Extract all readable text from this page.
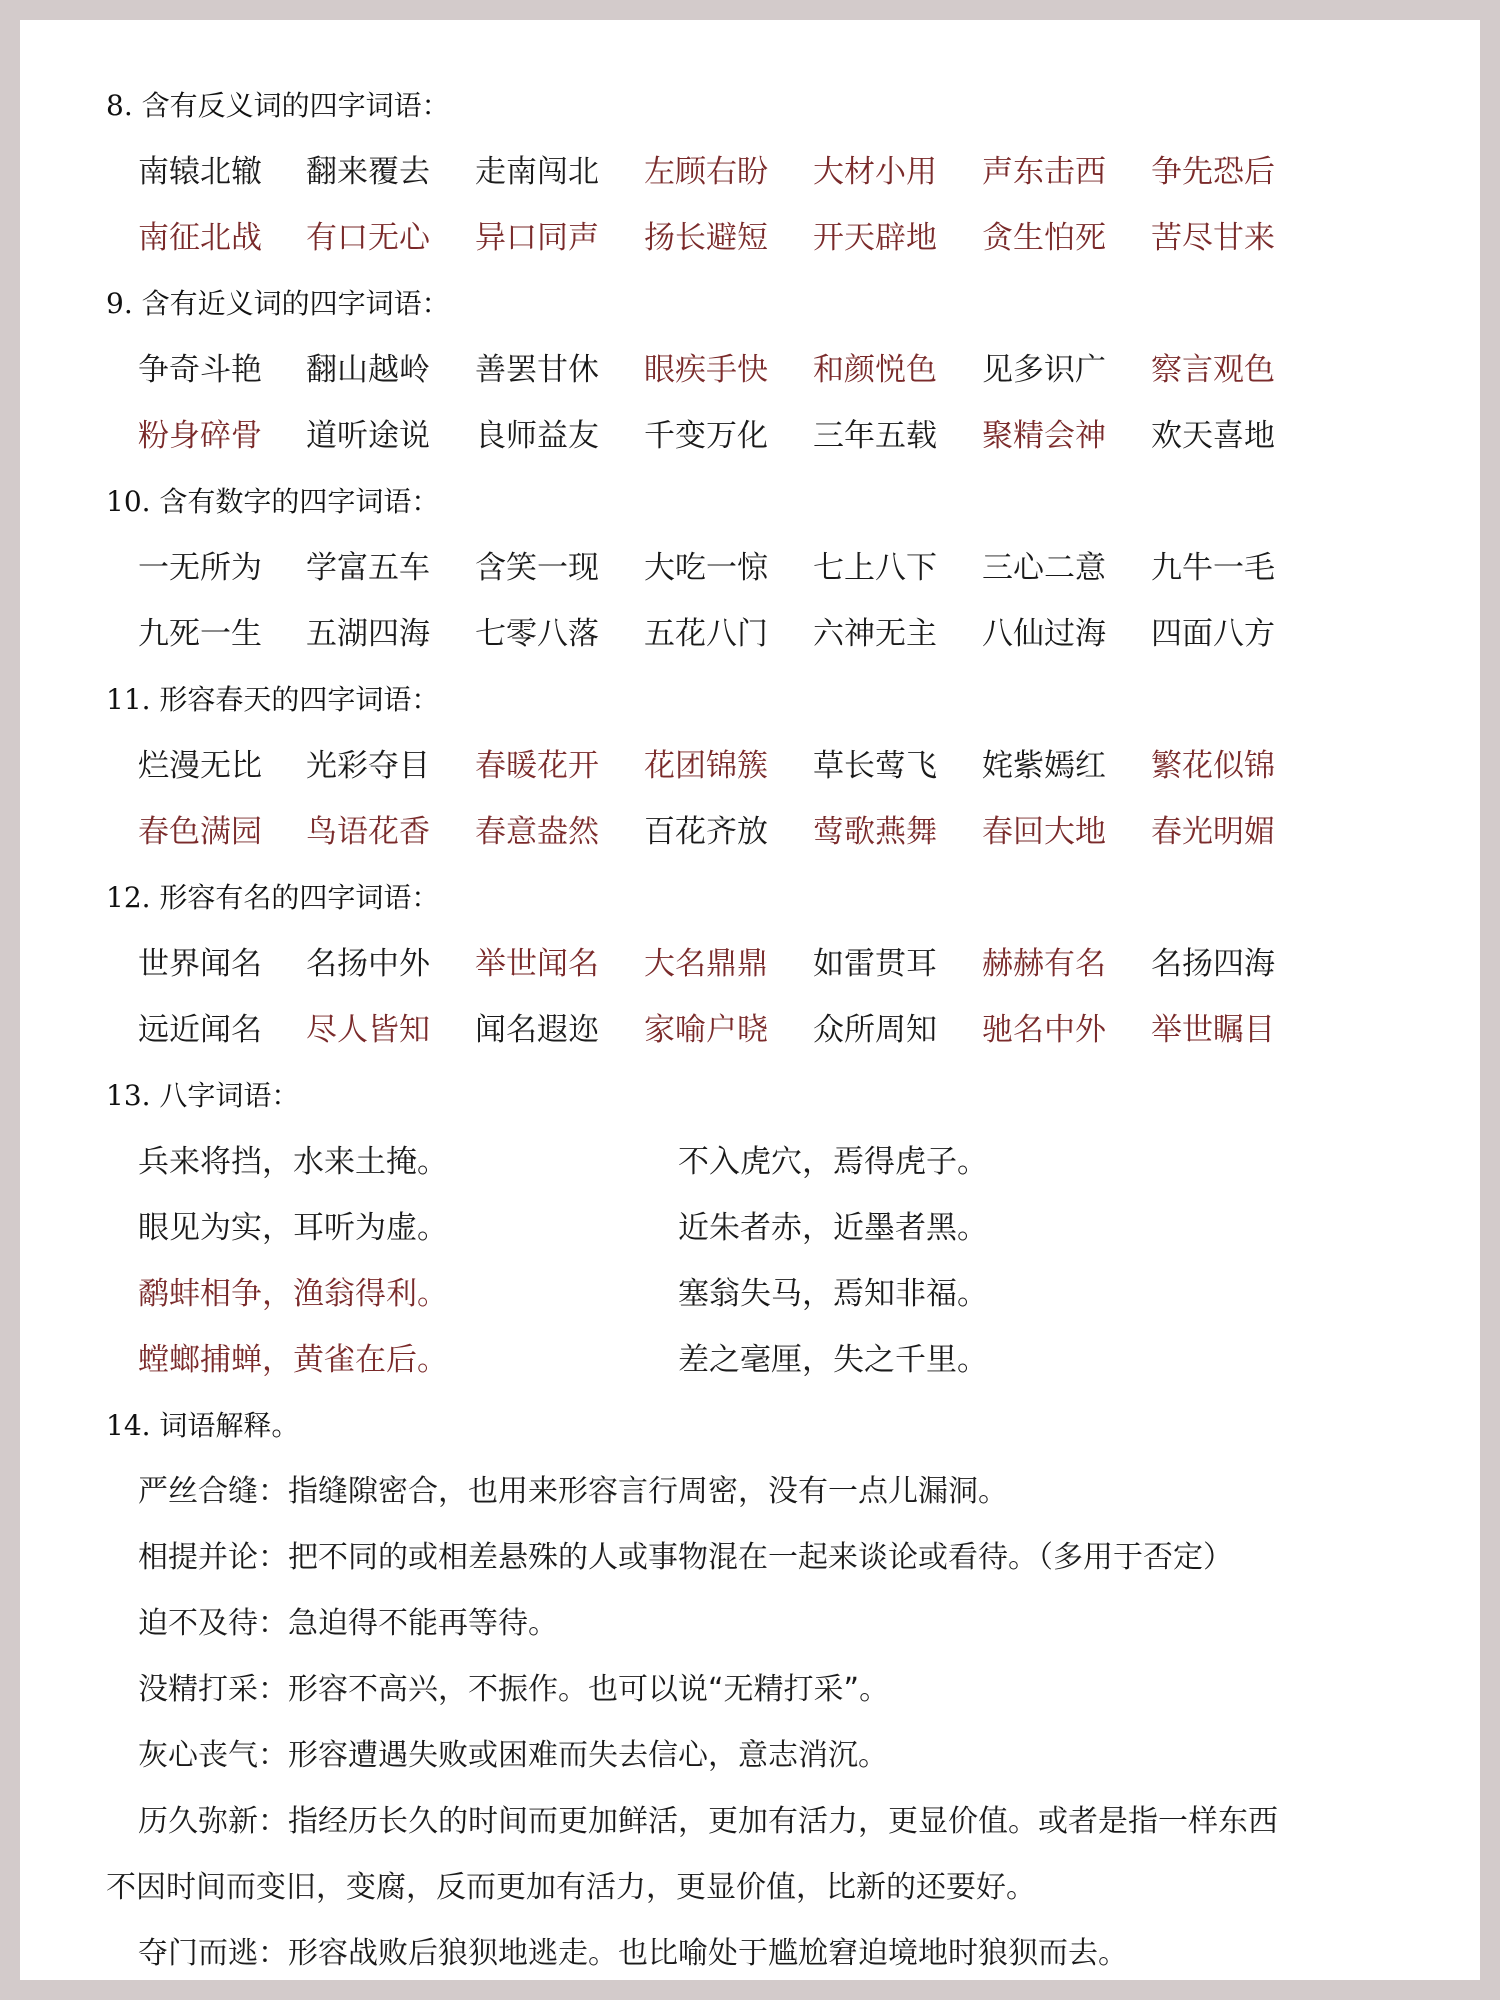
8. 含有反义词的四字词语：
南辕北辙 翻来覆去 走南闯北 左顾右盼 大材小用 声东击西 争先恐后
南征北战 有口无心 异口同声 扬长避短 开天辟地 贪生怕死 苦尽甘来
9. 含有近义词的四字词语：
争奇斗艳 翻山越岭 善罢甘休 眼疾手快 和颜悦色 见多识广 察言观色
粉身碎骨 道听途说 良师益友 千变万化 三年五载 聚精会神 欢天喜地
10. 含有数字的四字词语：
一无所为 学富五车 含笑一现 大吃一惊 七上八下 三心二意 九牛一毛
九死一生 五湖四海 七零八落 五花八门 六神无主 八仙过海 四面八方
11. 形容春天的四字词语：
烂漫无比 光彩夺目 春暖花开 花团锦簇 草长莺飞 姹紫嫣红 繁花似锦
春色满园 鸟语花香 春意盎然 百花齐放 莺歌燕舞 春回大地 春光明媚
12. 形容有名的四字词语：
世界闻名 名扬中外 举世闻名 大名鼎鼎 如雷贯耳 赫赫有名 名扬四海
远近闻名 尽人皆知 闻名遐迩 家喻户晓 众所周知 驰名中外 举世瞩目
13. 八字词语：
兵来将挡，水来土掩。	不入虎穴，焉得虎子。
眼见为实，耳听为虚。	近朱者赤，近墨者黑。
鹬蚌相争，渔翁得利。	塞翁失马，焉知非福。
螳螂捕蝉，黄雀在后。	差之毫厘，失之千里。
14. 词语解释。
严丝合缝：指缝隙密合，也用来形容言行周密，没有一点儿漏洞。
相提并论：把不同的或相差悬殊的人或事物混在一起来谈论或看待。（多用于否定）
迫不及待：急迫得不能再等待。
没精打采：形容不高兴，不振作。也可以说“无精打采”。
灰心丧气：形容遭遇失败或困难而失去信心，意志消沉。
历久弥新：指经历长久的时间而更加鲜活，更加有活力，更显价值。或者是指一样东西
不因时间而变旧，变腐，反而更加有活力，更显价值，比新的还要好。
夺门而逃：形容战败后狼狈地逃走。也比喻处于尴尬窘迫境地时狼狈而去。
